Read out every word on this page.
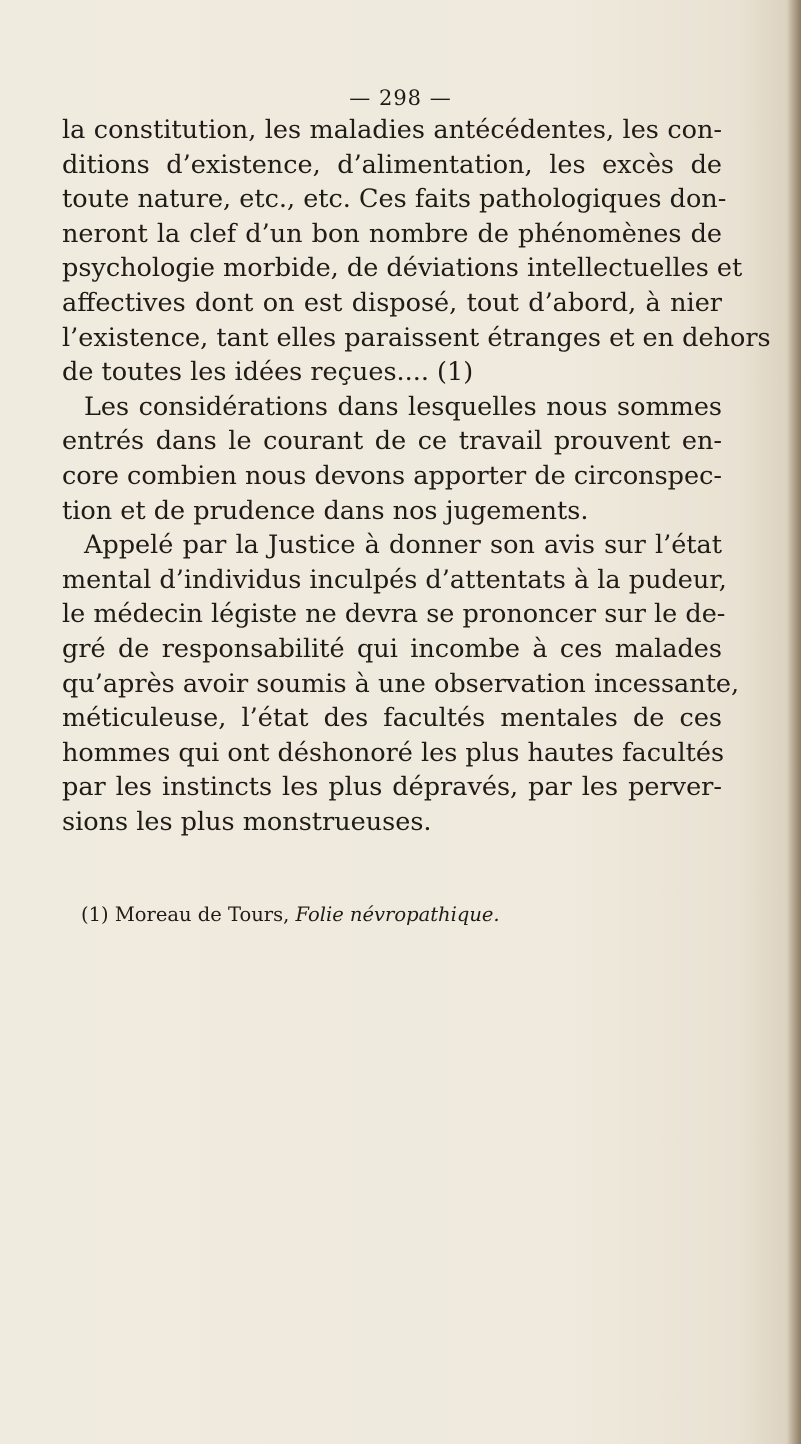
— 298 —
la constitution, les maladies antécédentes, les con-
ditions d’existence, d’alimentation, les excès de
toute nature, etc., etc. Ces faits pathologiques don-
neront la clef d’un bon nombre de phénomènes de
psychologie morbide, de déviations intellectuelles et
affectives dont on est disposé, tout d’abord, à nier
l’existence, tant elles paraissent étranges et en dehors
de toutes les idées reçues.... (1)
Les considérations dans lesquelles nous sommes
entrés dans le courant de ce travail prouvent en-
core combien nous devons apporter de circonspec-
tion et de prudence dans nos jugements.
Appelé par la Justice à donner son avis sur l’état
mental d’individus inculpés d’attentats à la pudeur,
le médecin légiste ne devra se prononcer sur le de-
gré de responsabilité qui incombe à ces malades
qu’après avoir soumis à une observation incessante,
méticuleuse, l’état des facultés mentales de ces
hommes qui ont déshonoré les plus hautes facultés
par les instincts les plus dépravés, par les perver-
sions les plus monstrueuses.
(1) Moreau de Tours, Folie névropathique.
